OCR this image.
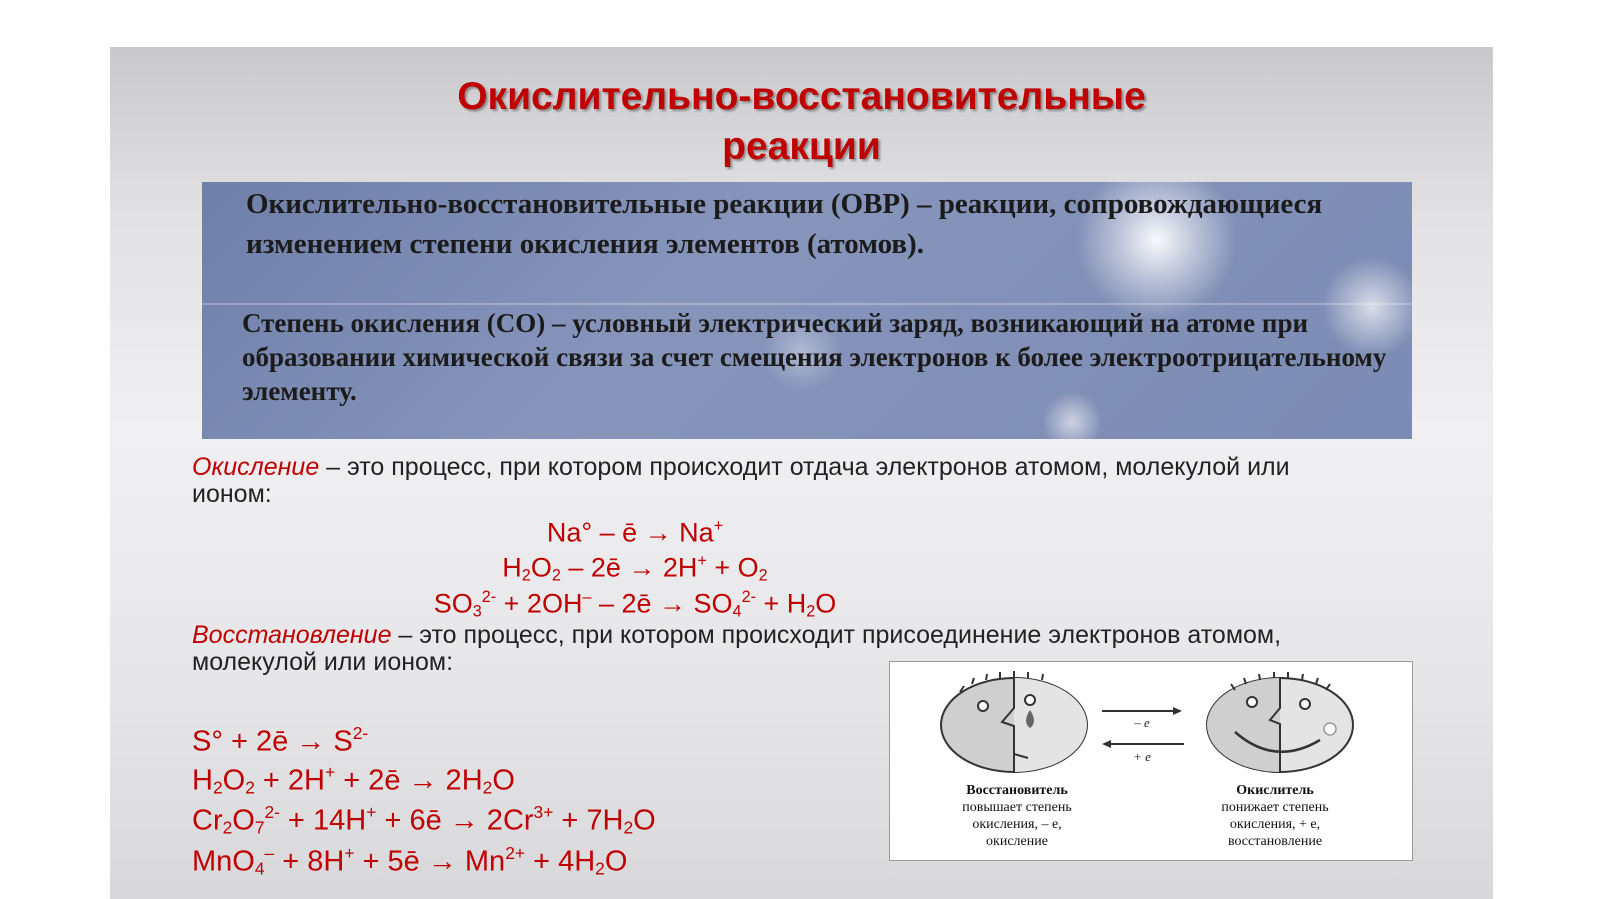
Окислительно-восстановительные
реакции

Окислительно-восстановительные реакции (ОВР) – реакции, сопровождающиеся изменением степени окисления элементов (атомов).

Степень окисления (СО) – условный электрический заряд, возникающий на атоме при образовании химической связи за счет смещения электронов к более электроотрицательному элементу.

Окисление – это процесс, при котором происходит отдача электронов атомом, молекулой или ионом:

Na° – ē → Na+

$H_2O_2$ – 2ē → $2H^+ + O_2$

$SO_3^{2-} + 2OH^-$ – 2ē → $SO_4^{2-} + H_2O$

Восстановление – это процесс, при котором происходит присоединение электронов атомом, молекулой или ионом:

S° + 2ē → $S^{2-}$

$H_2O_2 + 2H^+$ + 2ē → $2H_2O$

$Cr_2O_7^{2-} + 14H^+$ + 6ē → $2Cr^{3+} + 7H_2O$

MnO$_4$– + 8H+ + 5ē → $Mn^{2+} + 4H_2O$

– e
+ e
Восстановитель
повышает степень
окисления, – e,
окисление
Окислитель
понижает степень
окисления, + e,
восстановление
